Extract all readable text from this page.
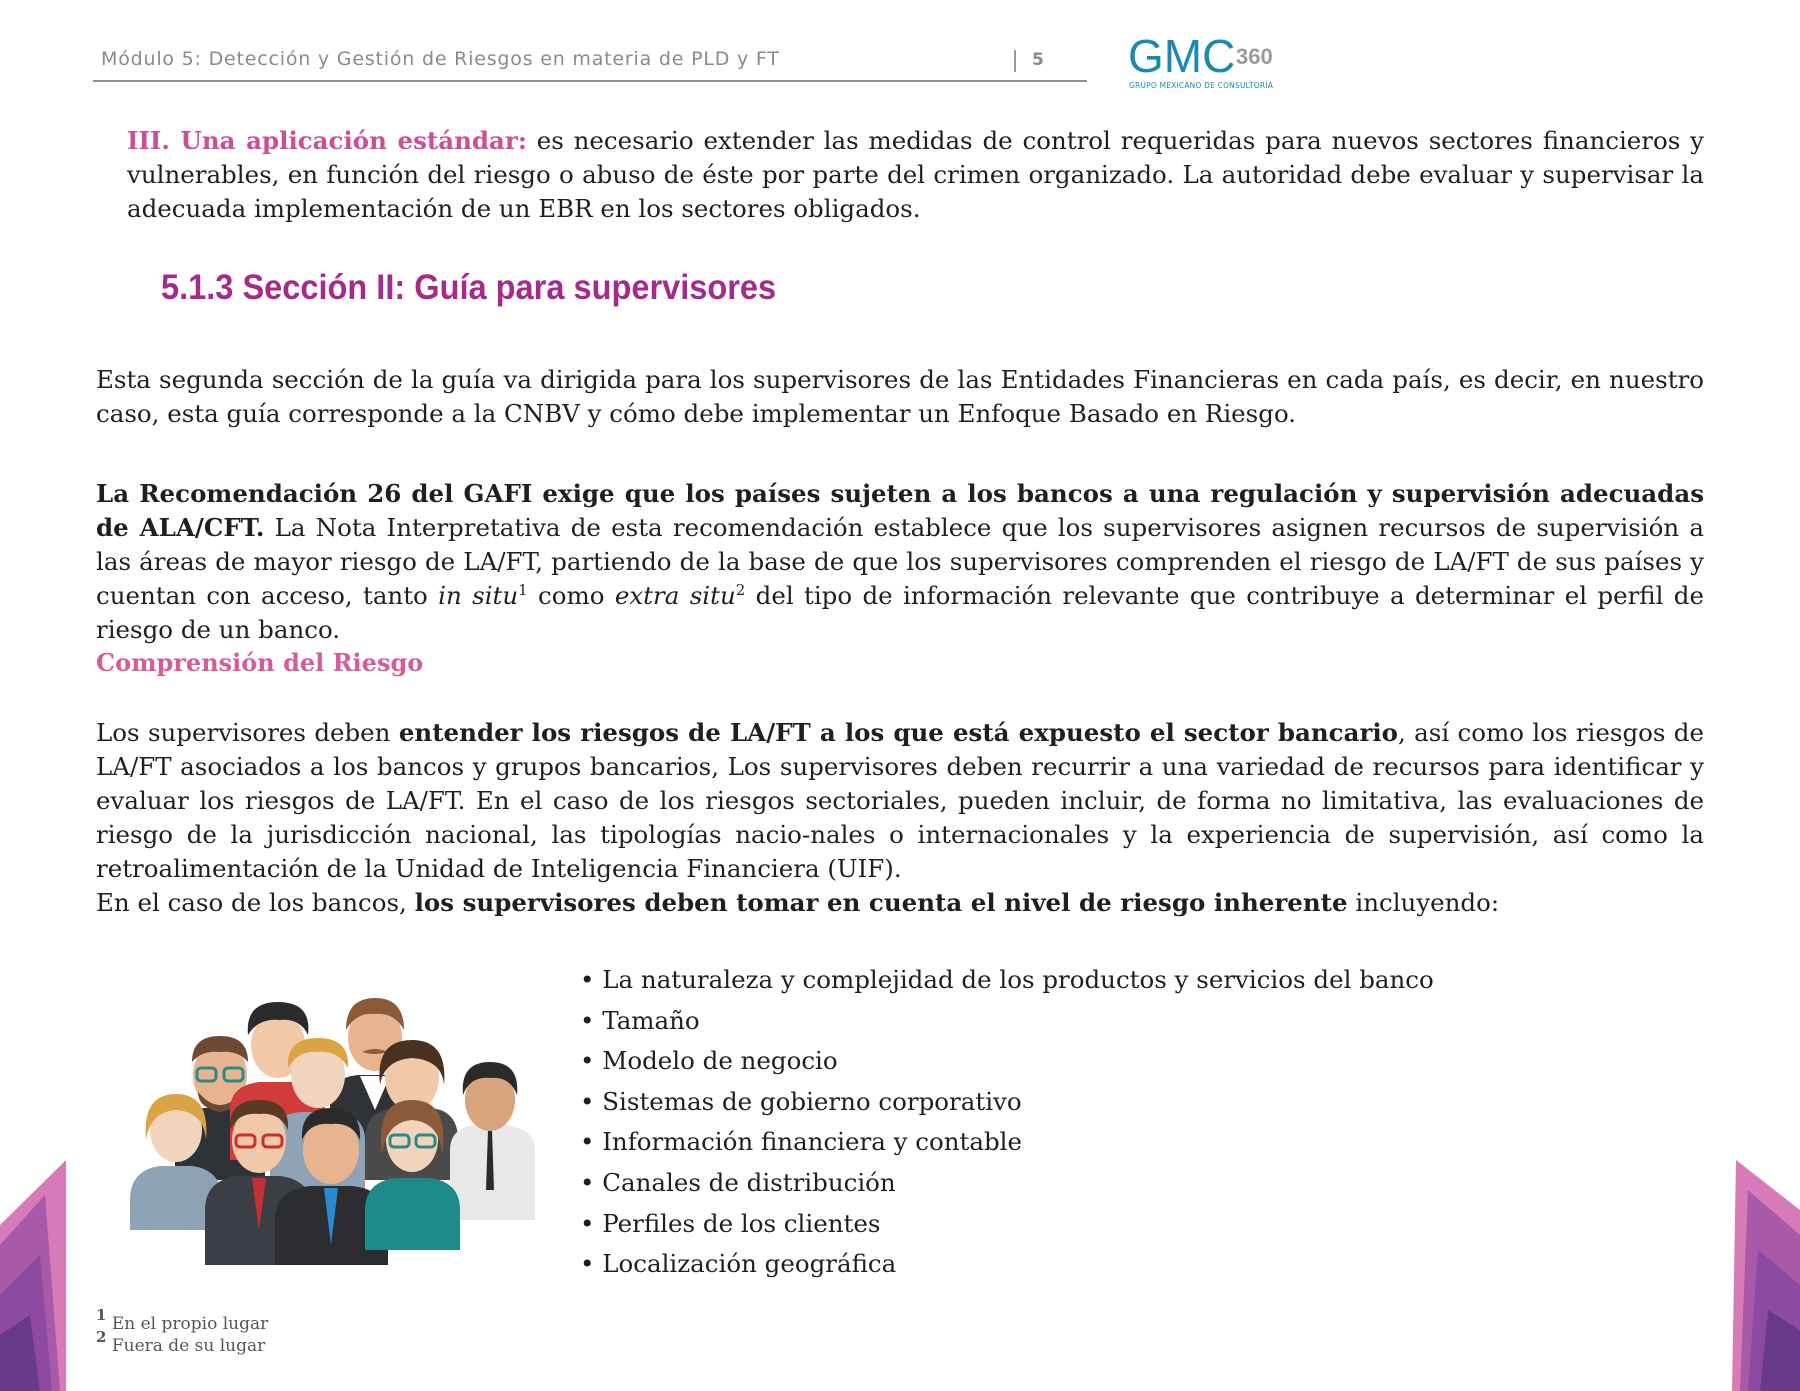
Módulo 5: Detección y Gestión de Riesgos en materia de PLD y FT	5 GMC 360
GRUPO MEXICANO DE CONSULTORÍA
III. Una aplicación estándar: es necesario extender las medidas de control requeridas para nuevos sectores financieros y vulnerables, en función del riesgo o abuso de éste por parte del crimen organizado. La autoridad debe evaluar y supervisar la adecuada implementación de un EBR en los sectores obligados.
5.1.3 Sección II: Guía para supervisores
Esta segunda sección de la guía va dirigida para los supervisores de las Entidades Financieras en cada país, es decir, en nuestro caso, esta guía corresponde a la CNBV y cómo debe implementar un Enfoque Basado en Riesgo.
La Recomendación 26 del GAFI exige que los países sujeten a los bancos a una regulación y supervisión adecuadas de ALA/CFT. La Nota Interpretativa de esta recomendación establece que los supervisores asignen recursos de supervisión a las áreas de mayor riesgo de LA/FT, partiendo de la base de que los supervisores comprenden el riesgo de LA/FT de sus países y cuentan con acceso, tanto in situ$^1$ como extra situ$^2$ del tipo de información relevante que contribuye a determinar el perfil de riesgo de un banco.
Comprensión del Riesgo
Los supervisores deben entender los riesgos de LA/FT a los que está expuesto el sector bancario, así como los riesgos de LA/FT asociados a los bancos y grupos bancarios, Los supervisores deben recurrir a una variedad de recursos para identificar y evaluar los riesgos de LA/FT. En el caso de los riesgos sectoriales, pueden incluir, de forma no limitativa, las evaluaciones de riesgo de la jurisdicción nacional, las tipologías nacio-nales o internacionales y la experiencia de supervisión, así como la retroalimentación de la Unidad de Inteligencia Financiera (UIF).
En el caso de los bancos, los supervisores deben tomar en cuenta el nivel de riesgo inherente incluyendo:
• La naturaleza y complejidad de los productos y servicios del banco
• Tamaño
• Modelo de negocio
• Sistemas de gobierno corporativo
• Información financiera y contable
• Canales de distribución
• Perfiles de los clientes
• Localización geográfica
$^1$ En el propio lugar
$^2$ Fuera de su lugar
